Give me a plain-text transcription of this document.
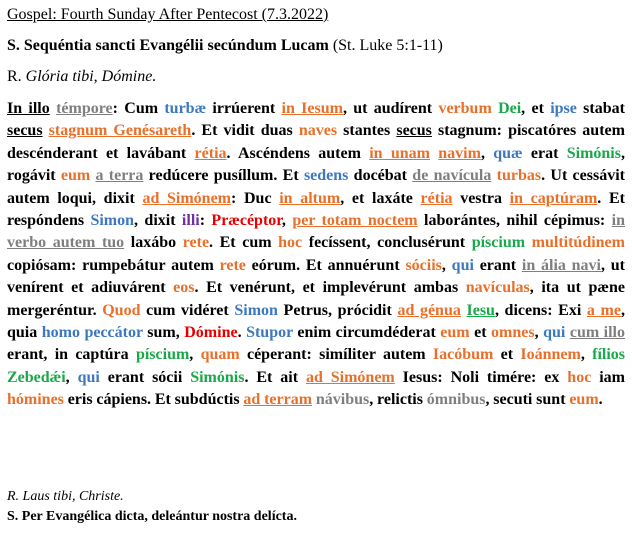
Gospel: Fourth Sunday After Pentecost (7.3.2022)

S. Sequéntia sancti Evangélii secúndum Lucam (St. Luke 5:1-11)

R. Glória tibi, Dómine.

In illo témpore: Cum turbæ irrúerent in Iesum, ut audírent verbum Dei, et ipse stabat secus stagnum Genésareth. Et vidit duas naves stantes secus stagnum: piscatóres autem descénderant et lavábant rétia. Ascéndens autem in unam navim, quæ erat Simónis, rogávit eum a terra redúcere pusíllum. Et sedens docébat de navícula turbas. Ut cessávit autem loqui, dixit ad Simónem: Duc in altum, et laxáte rétia vestra in captúram. Et respóndens Simon, dixit illi: Præcéptor, per totam noctem laborántes, nihil cépimus: in verbo autem tuo laxábo rete. Et cum hoc fecíssent, conclusérunt píscium multitúdinem copiósam: rumpebátur autem rete eórum. Et annuérunt sóciis, qui erant in ália navi, ut venírent et adiuvárent eos. Et venérunt, et implevérunt ambas navículas, ita ut pæne mergeréntur. Quod cum vidéret Simon Petrus, prócidit ad génua Iesu, dicens: Exi a me, quia homo peccátor sum, Dómine. Stupor enim circumdéderat eum et omnes, qui cum illo erant, in captúra píscium, quam céperant: simíliter autem Iacóbum et Ioánnem, fílios Zebedǽi, qui erant sócii Simónis. Et ait ad Simónem Iesus: Noli timére: ex hoc iam hómines eris cápiens. Et subdúctis ad terram návibus, relictis ómnibus, secuti sunt eum.

R. Laus tibi, Christe.

S. Per Evangélica dicta, deleántur nostra delícta.
